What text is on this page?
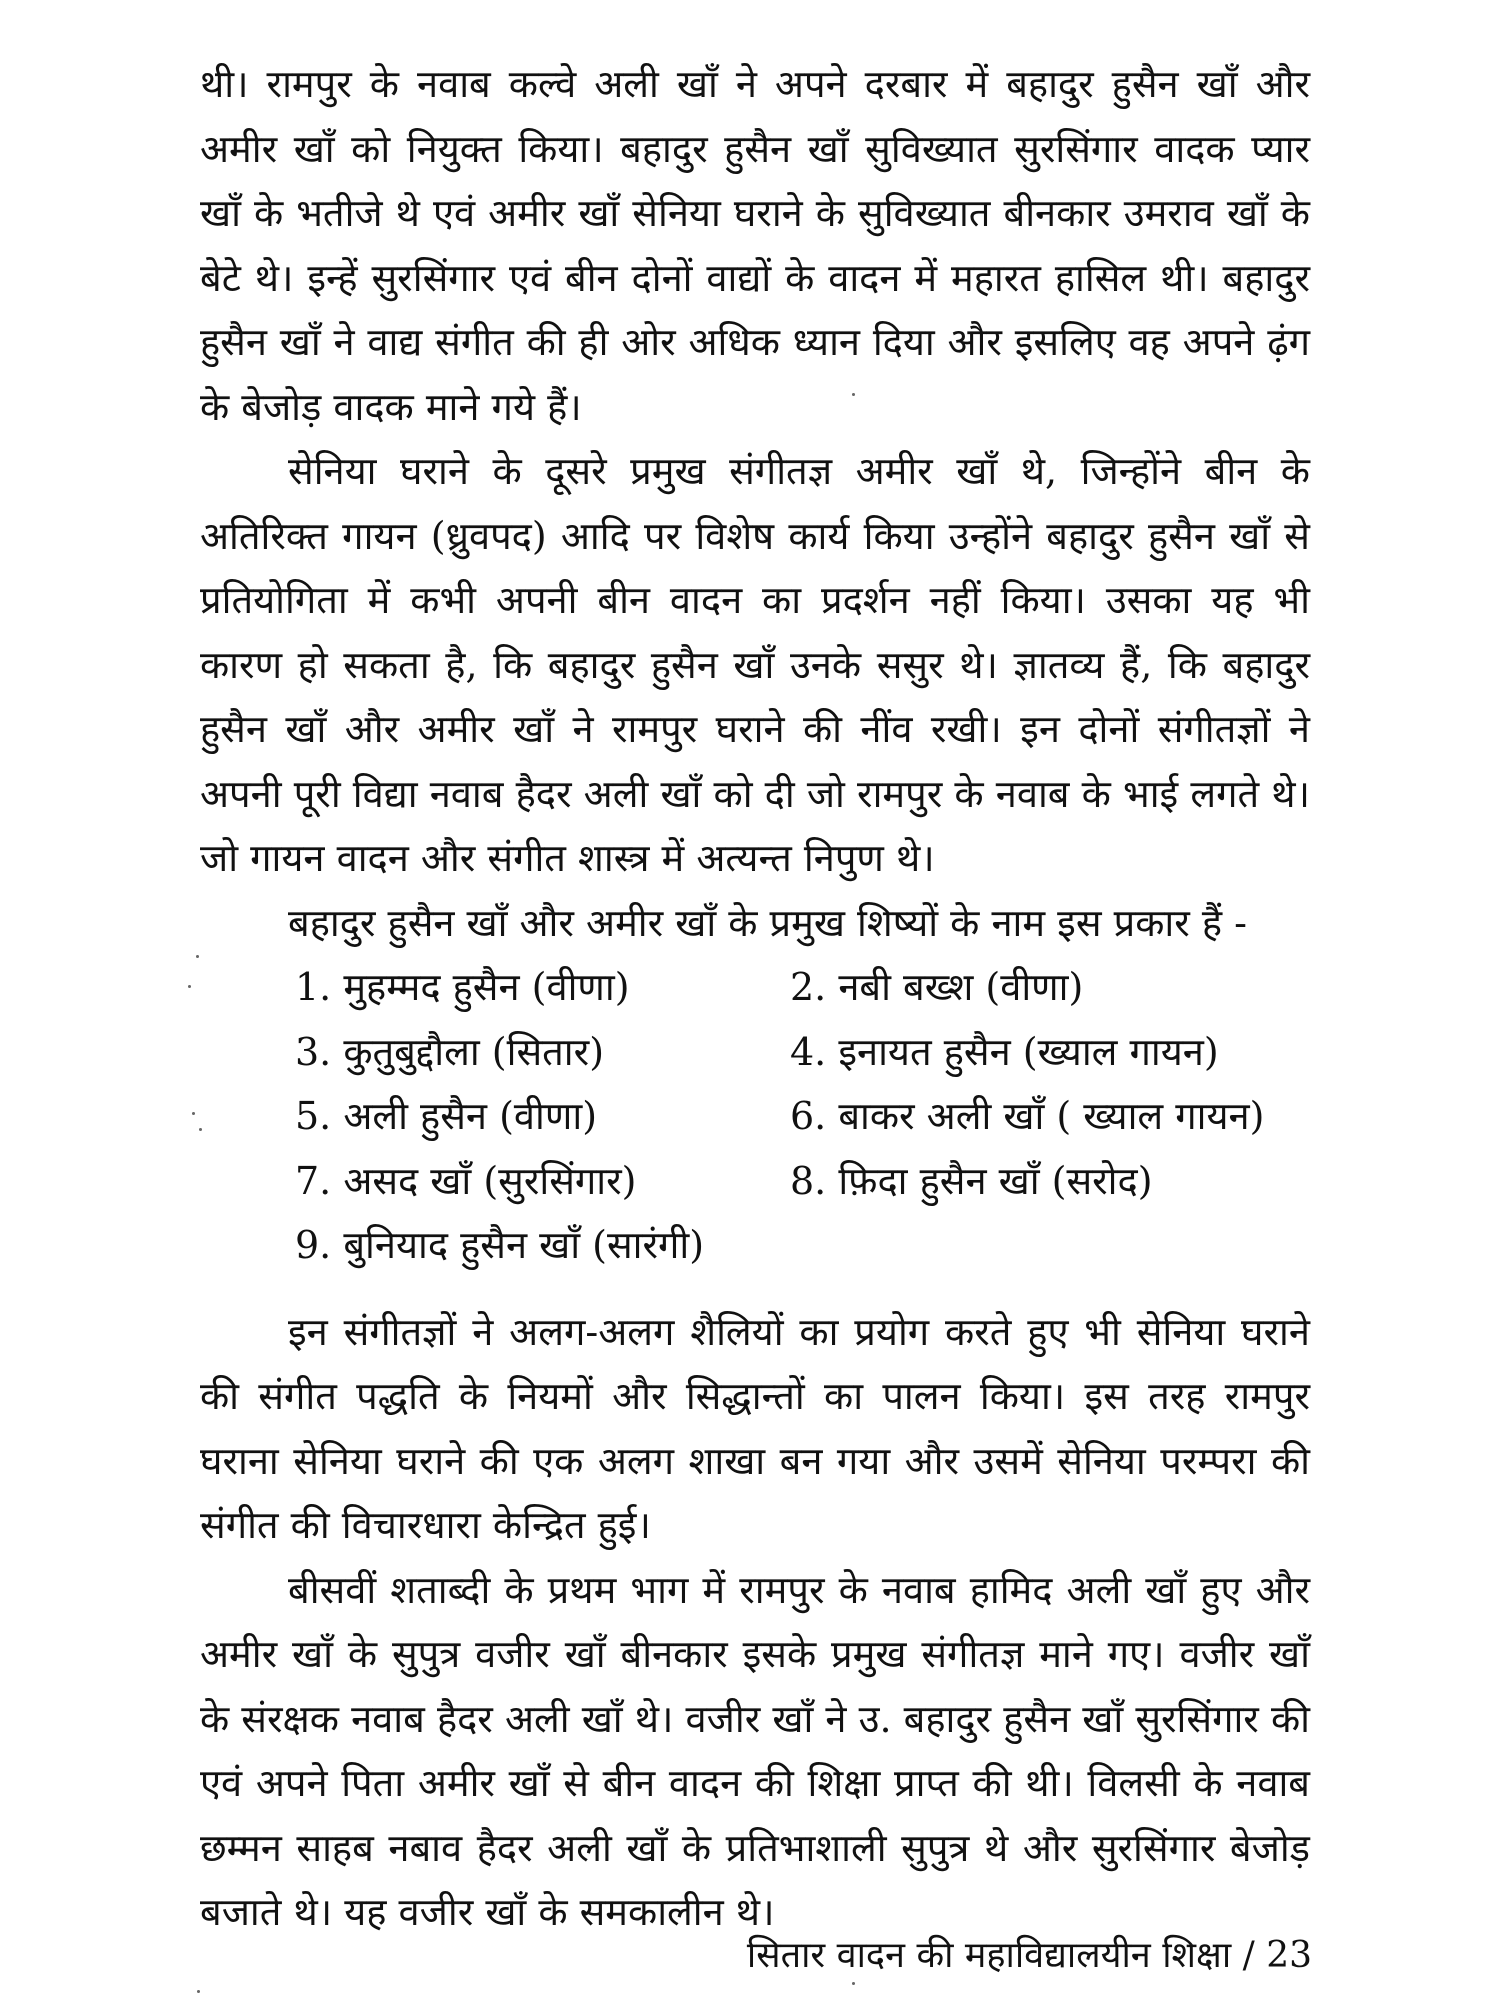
थी। रामपुर के नवाब कल्वे अली खाँ ने अपने दरबार में बहादुर हुसैन खाँ और अमीर खाँ को नियुक्त किया। बहादुर हुसैन खाँ सुविख्यात सुरसिंगार वादक प्यार खाँ के भतीजे थे एवं अमीर खाँ सेनिया घराने के सुविख्यात बीनकार उमराव खाँ के बेटे थे। इन्हें सुरसिंगार एवं बीन दोनों वाद्यों के वादन में महारत हासिल थी। बहादुर हुसैन खाँ ने वाद्य संगीत की ही ओर अधिक ध्यान दिया और इसलिए वह अपने ढ़ंग के बेजोड़ वादक माने गये हैं।

सेनिया घराने के दूसरे प्रमुख संगीतज्ञ अमीर खाँ थे, जिन्होंने बीन के अतिरिक्त गायन (ध्रुवपद) आदि पर विशेष कार्य किया उन्होंने बहादुर हुसैन खाँ से प्रतियोगिता में कभी अपनी बीन वादन का प्रदर्शन नहीं किया। उसका यह भी कारण हो सकता है, कि बहादुर हुसैन खाँ उनके ससुर थे। ज्ञातव्य हैं, कि बहादुर हुसैन खाँ और अमीर खाँ ने रामपुर घराने की नींव रखी। इन दोनों संगीतज्ञों ने अपनी पूरी विद्या नवाब हैदर अली खाँ को दी जो रामपुर के नवाब के भाई लगते थे। जो गायन वादन और संगीत शास्त्र में अत्यन्त निपुण थे।

बहादुर हुसैन खाँ और अमीर खाँ के प्रमुख शिष्यों के नाम इस प्रकार हैं -

1. मुहम्मद हुसैन (वीणा)	2. नबी बख्श (वीणा)
3. कुतुबुद्दौला (सितार)	4. इनायत हुसैन (ख्याल गायन)
5. अली हुसैन (वीणा)	6. बाकर अली खाँ ( ख्याल गायन)
7. असद खाँ (सुरसिंगार)	8. फ़िदा हुसैन खाँ (सरोद)
9. बुनियाद हुसैन खाँ (सारंगी)

इन संगीतज्ञों ने अलग-अलग शैलियों का प्रयोग करते हुए भी सेनिया घराने की संगीत पद्धति के नियमों और सिद्धान्तों का पालन किया। इस तरह रामपुर घराना सेनिया घराने की एक अलग शाखा बन गया और उसमें सेनिया परम्परा की संगीत की विचारधारा केन्द्रित हुई।

बीसवीं शताब्दी के प्रथम भाग में रामपुर के नवाब हामिद अली खाँ हुए और अमीर खाँ के सुपुत्र वजीर खाँ बीनकार इसके प्रमुख संगीतज्ञ माने गए। वजीर खाँ के संरक्षक नवाब हैदर अली खाँ थे। वजीर खाँ ने उ. बहादुर हुसैन खाँ सुरसिंगार की एवं अपने पिता अमीर खाँ से बीन वादन की शिक्षा प्राप्त की थी। विलसी के नवाब छम्मन साहब नबाव हैदर अली खाँ के प्रतिभाशाली सुपुत्र थे और सुरसिंगार बेजोड़ बजाते थे। यह वजीर खाँ के समकालीन थे।

सितार वादन की महाविद्यालयीन शिक्षा / 23
